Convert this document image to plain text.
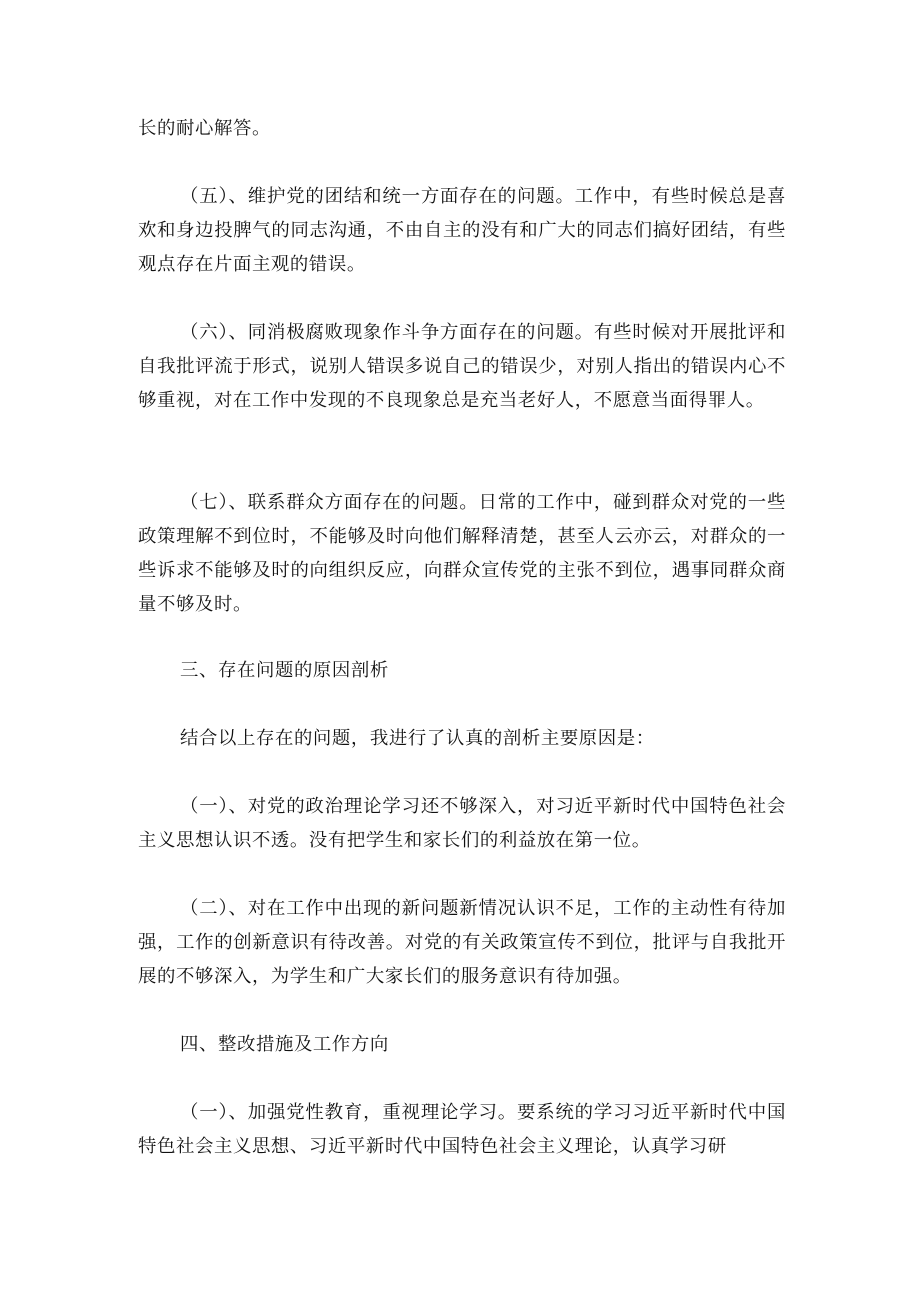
长的耐心解答。

（五）、维护党的团结和统一方面存在的问题。工作中，有些时候总是喜欢和身边投脾气的同志沟通，不由自主的没有和广大的同志们搞好团结，有些观点存在片面主观的错误。

（六）、同消极腐败现象作斗争方面存在的问题。有些时候对开展批评和自我批评流于形式，说别人错误多说自己的错误少，对别人指出的错误内心不够重视，对在工作中发现的不良现象总是充当老好人，不愿意当面得罪人。

（七）、联系群众方面存在的问题。日常的工作中，碰到群众对党的一些政策理解不到位时，不能够及时向他们解释清楚，甚至人云亦云，对群众的一些诉求不能够及时的向组织反应，向群众宣传党的主张不到位，遇事同群众商量不够及时。

三、存在问题的原因剖析

结合以上存在的问题，我进行了认真的剖析主要原因是：

（一）、对党的政治理论学习还不够深入，对习近平新时代中国特色社会主义思想认识不透。没有把学生和家长们的利益放在第一位。

（二）、对在工作中出现的新问题新情况认识不足，工作的主动性有待加强，工作的创新意识有待改善。对党的有关政策宣传不到位，批评与自我批开展的不够深入，为学生和广大家长们的服务意识有待加强。

四、整改措施及工作方向

（一）、加强党性教育，重视理论学习。要系统的学习习近平新时代中国特色社会主义思想、习近平新时代中国特色社会主义理论，认真学习研
